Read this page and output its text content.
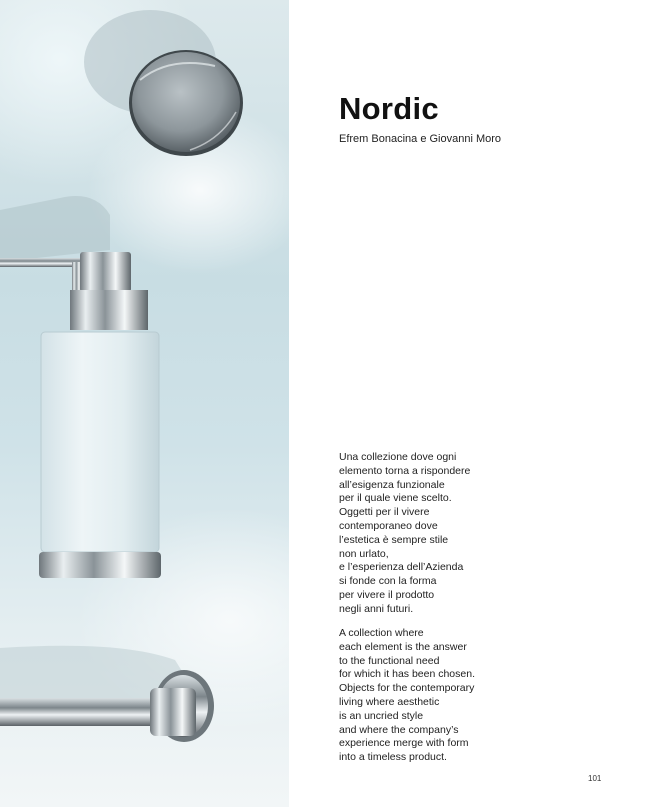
Nordic

Efrem Bonacina e Giovanni Moro

Una collezione dove ogni
elemento torna a rispondere
all’esigenza funzionale
per il quale viene scelto.
Oggetti per il vivere
contemporaneo dove
l’estetica è sempre stile
non urlato,
e l’esperienza dell’Azienda
si fonde con la forma
per vivere il prodotto
negli anni futuri.
A collection where
each element is the answer
to the functional need
for which it has been chosen.
Objects for the contemporary
living where aesthetic
is an uncried style
and where the company’s
experience merge with form
into a timeless product.

101
